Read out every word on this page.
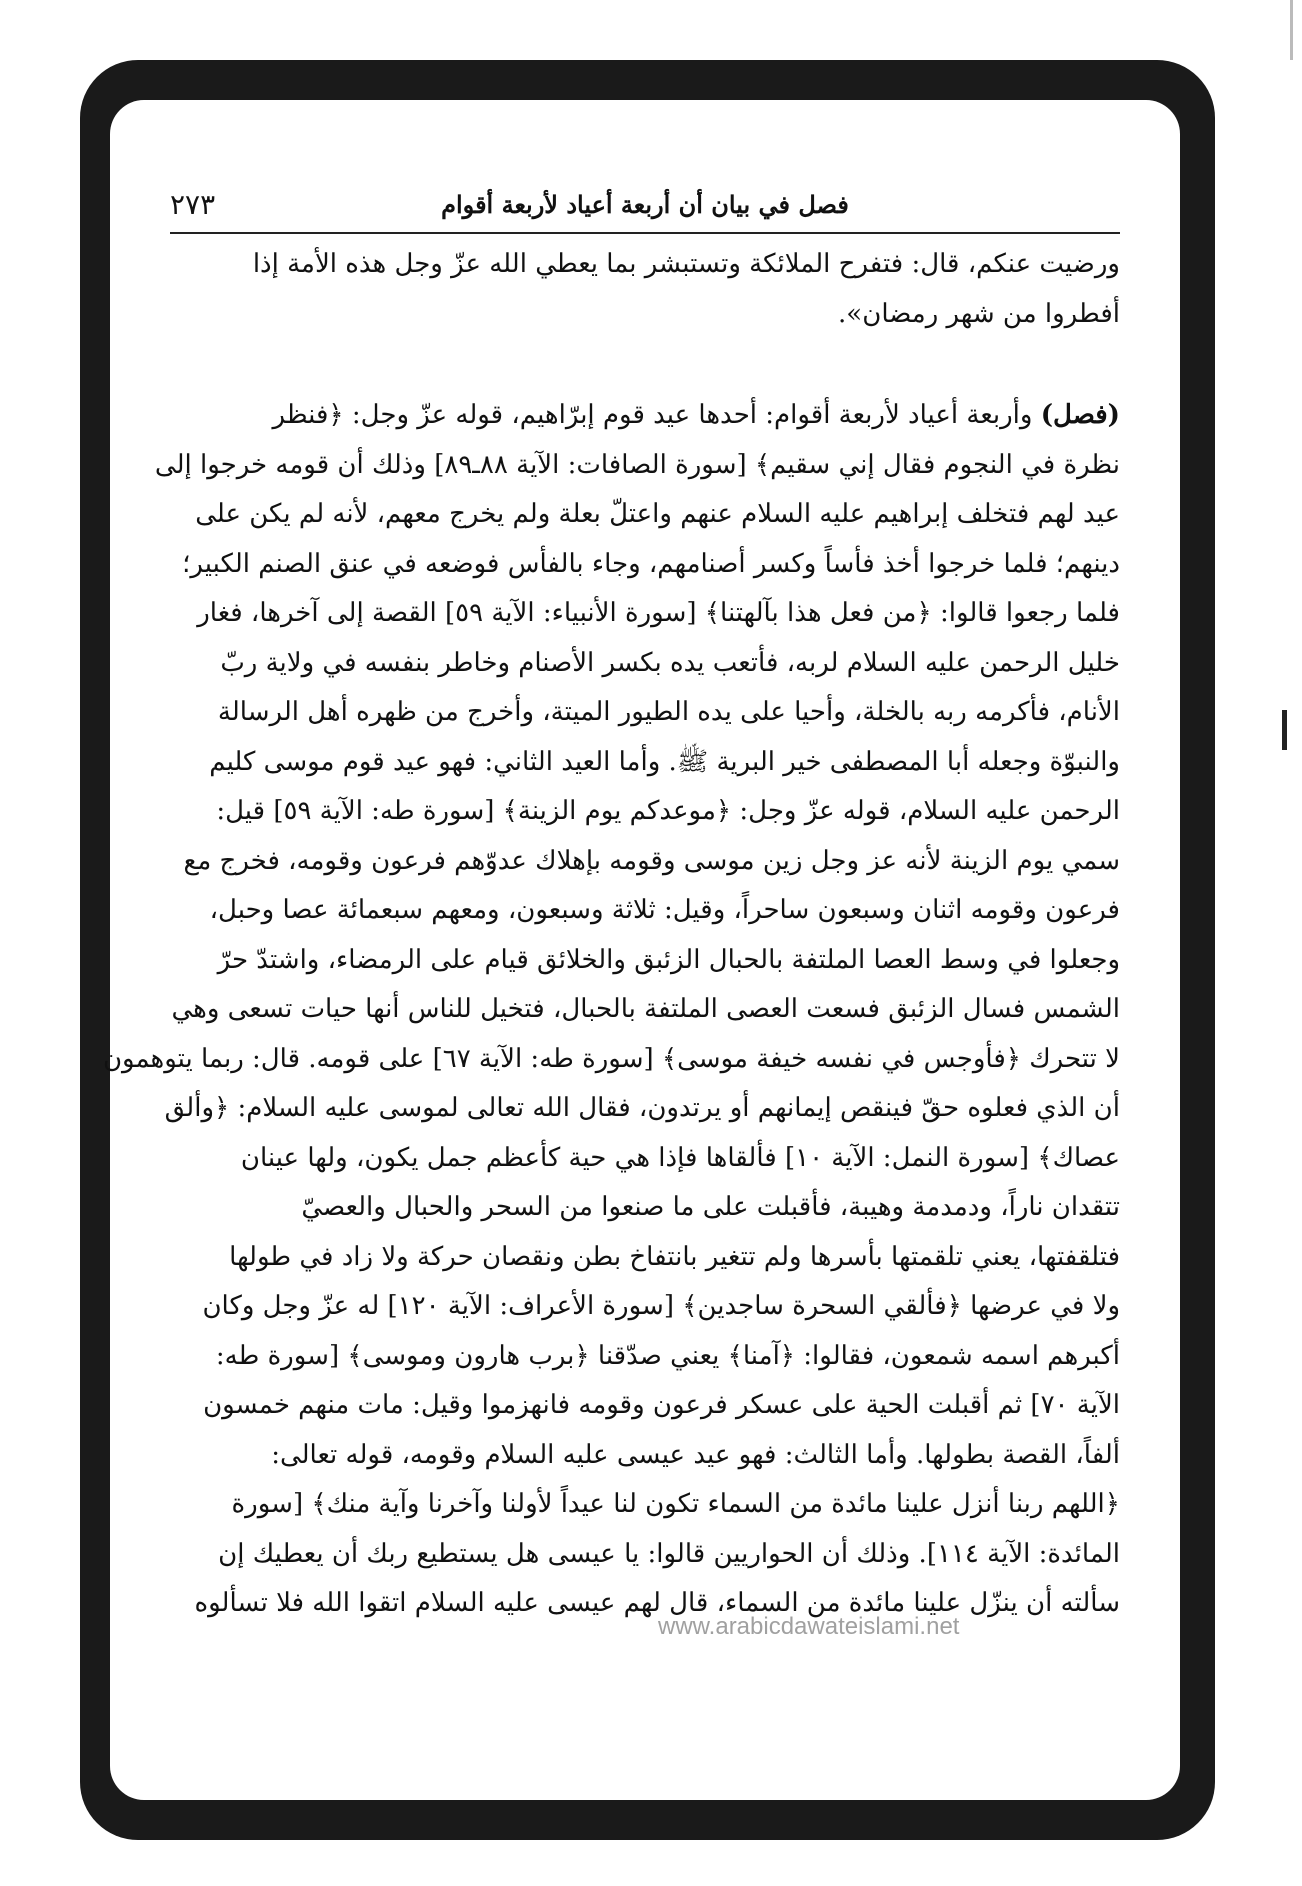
فصل في بيان أن أربعة أعياد لأربعة أقوام
٢٧٣
ورضيت عنكم، قال: فتفرح الملائكة وتستبشر بما يعطي الله عزّ وجل هذه الأمة إذا
أفطروا من شهر رمضان».
(فصل) وأربعة أعياد لأربعة أقوام: أحدها عيد قوم إبرّاهيم، قوله عزّ وجل: ﴿فنظر
نظرة في النجوم فقال إني سقيم﴾ [سورة الصافات: الآية ٨٨ـ٨٩] وذلك أن قومه خرجوا إلى
عيد لهم فتخلف إبراهيم عليه السلام عنهم واعتلّ بعلة ولم يخرج معهم، لأنه لم يكن على
دينهم؛ فلما خرجوا أخذ فأساً وكسر أصنامهم، وجاء بالفأس فوضعه في عنق الصنم الكبير؛
فلما رجعوا قالوا: ﴿من فعل هذا بآلهتنا﴾ [سورة الأنبياء: الآية ٥٩] القصة إلى آخرها، فغار
خليل الرحمن عليه السلام لربه، فأتعب يده بكسر الأصنام وخاطر بنفسه في ولاية ربّ
الأنام، فأكرمه ربه بالخلة، وأحيا على يده الطيور الميتة، وأخرج من ظهره أهل الرسالة
والنبوّة وجعله أبا المصطفى خير البرية ﷺ. وأما العيد الثاني: فهو عيد قوم موسى كليم
الرحمن عليه السلام، قوله عزّ وجل: ﴿موعدكم يوم الزينة﴾ [سورة طه: الآية ٥٩] قيل:
سمي يوم الزينة لأنه عز وجل زين موسى وقومه بإهلاك عدوّهم فرعون وقومه، فخرج مع
فرعون وقومه اثنان وسبعون ساحراً، وقيل: ثلاثة وسبعون، ومعهم سبعمائة عصا وحبل،
وجعلوا في وسط العصا الملتفة بالحبال الزئبق والخلائق قيام على الرمضاء، واشتدّ حرّ
الشمس فسال الزئبق فسعت العصى الملتفة بالحبال، فتخيل للناس أنها حيات تسعى وهي
لا تتحرك ﴿فأوجس في نفسه خيفة موسى﴾ [سورة طه: الآية ٦٧] على قومه. قال: ربما يتوهمون
أن الذي فعلوه حقّ فينقص إيمانهم أو يرتدون، فقال الله تعالى لموسى عليه السلام: ﴿وألق
عصاك﴾ [سورة النمل: الآية ١٠] فألقاها فإذا هي حية كأعظم جمل يكون، ولها عينان
تتقدان ناراً، ودمدمة وهيبة، فأقبلت على ما صنعوا من السحر والحبال والعصيّ
فتلقفتها، يعني تلقمتها بأسرها ولم تتغير بانتفاخ بطن ونقصان حركة ولا زاد في طولها
ولا في عرضها ﴿فألقي السحرة ساجدين﴾ [سورة الأعراف: الآية ١٢٠] له عزّ وجل وكان
أكبرهم اسمه شمعون، فقالوا: ﴿آمنا﴾ يعني صدّقنا ﴿برب هارون وموسى﴾ [سورة طه:
الآية ٧٠] ثم أقبلت الحية على عسكر فرعون وقومه فانهزموا وقيل: مات منهم خمسون
ألفاً، القصة بطولها. وأما الثالث: فهو عيد عيسى عليه السلام وقومه، قوله تعالى:
﴿اللهم ربنا أنزل علينا مائدة من السماء تكون لنا عيداً لأولنا وآخرنا وآية منك﴾ [سورة
المائدة: الآية ١١٤]. وذلك أن الحواريين قالوا: يا عيسى هل يستطيع ربك أن يعطيك إن
سألته أن ينزّل علينا مائدة من السماء، قال لهم عيسى عليه السلام اتقوا الله فلا تسألوه
www.arabicdawateislami.net
